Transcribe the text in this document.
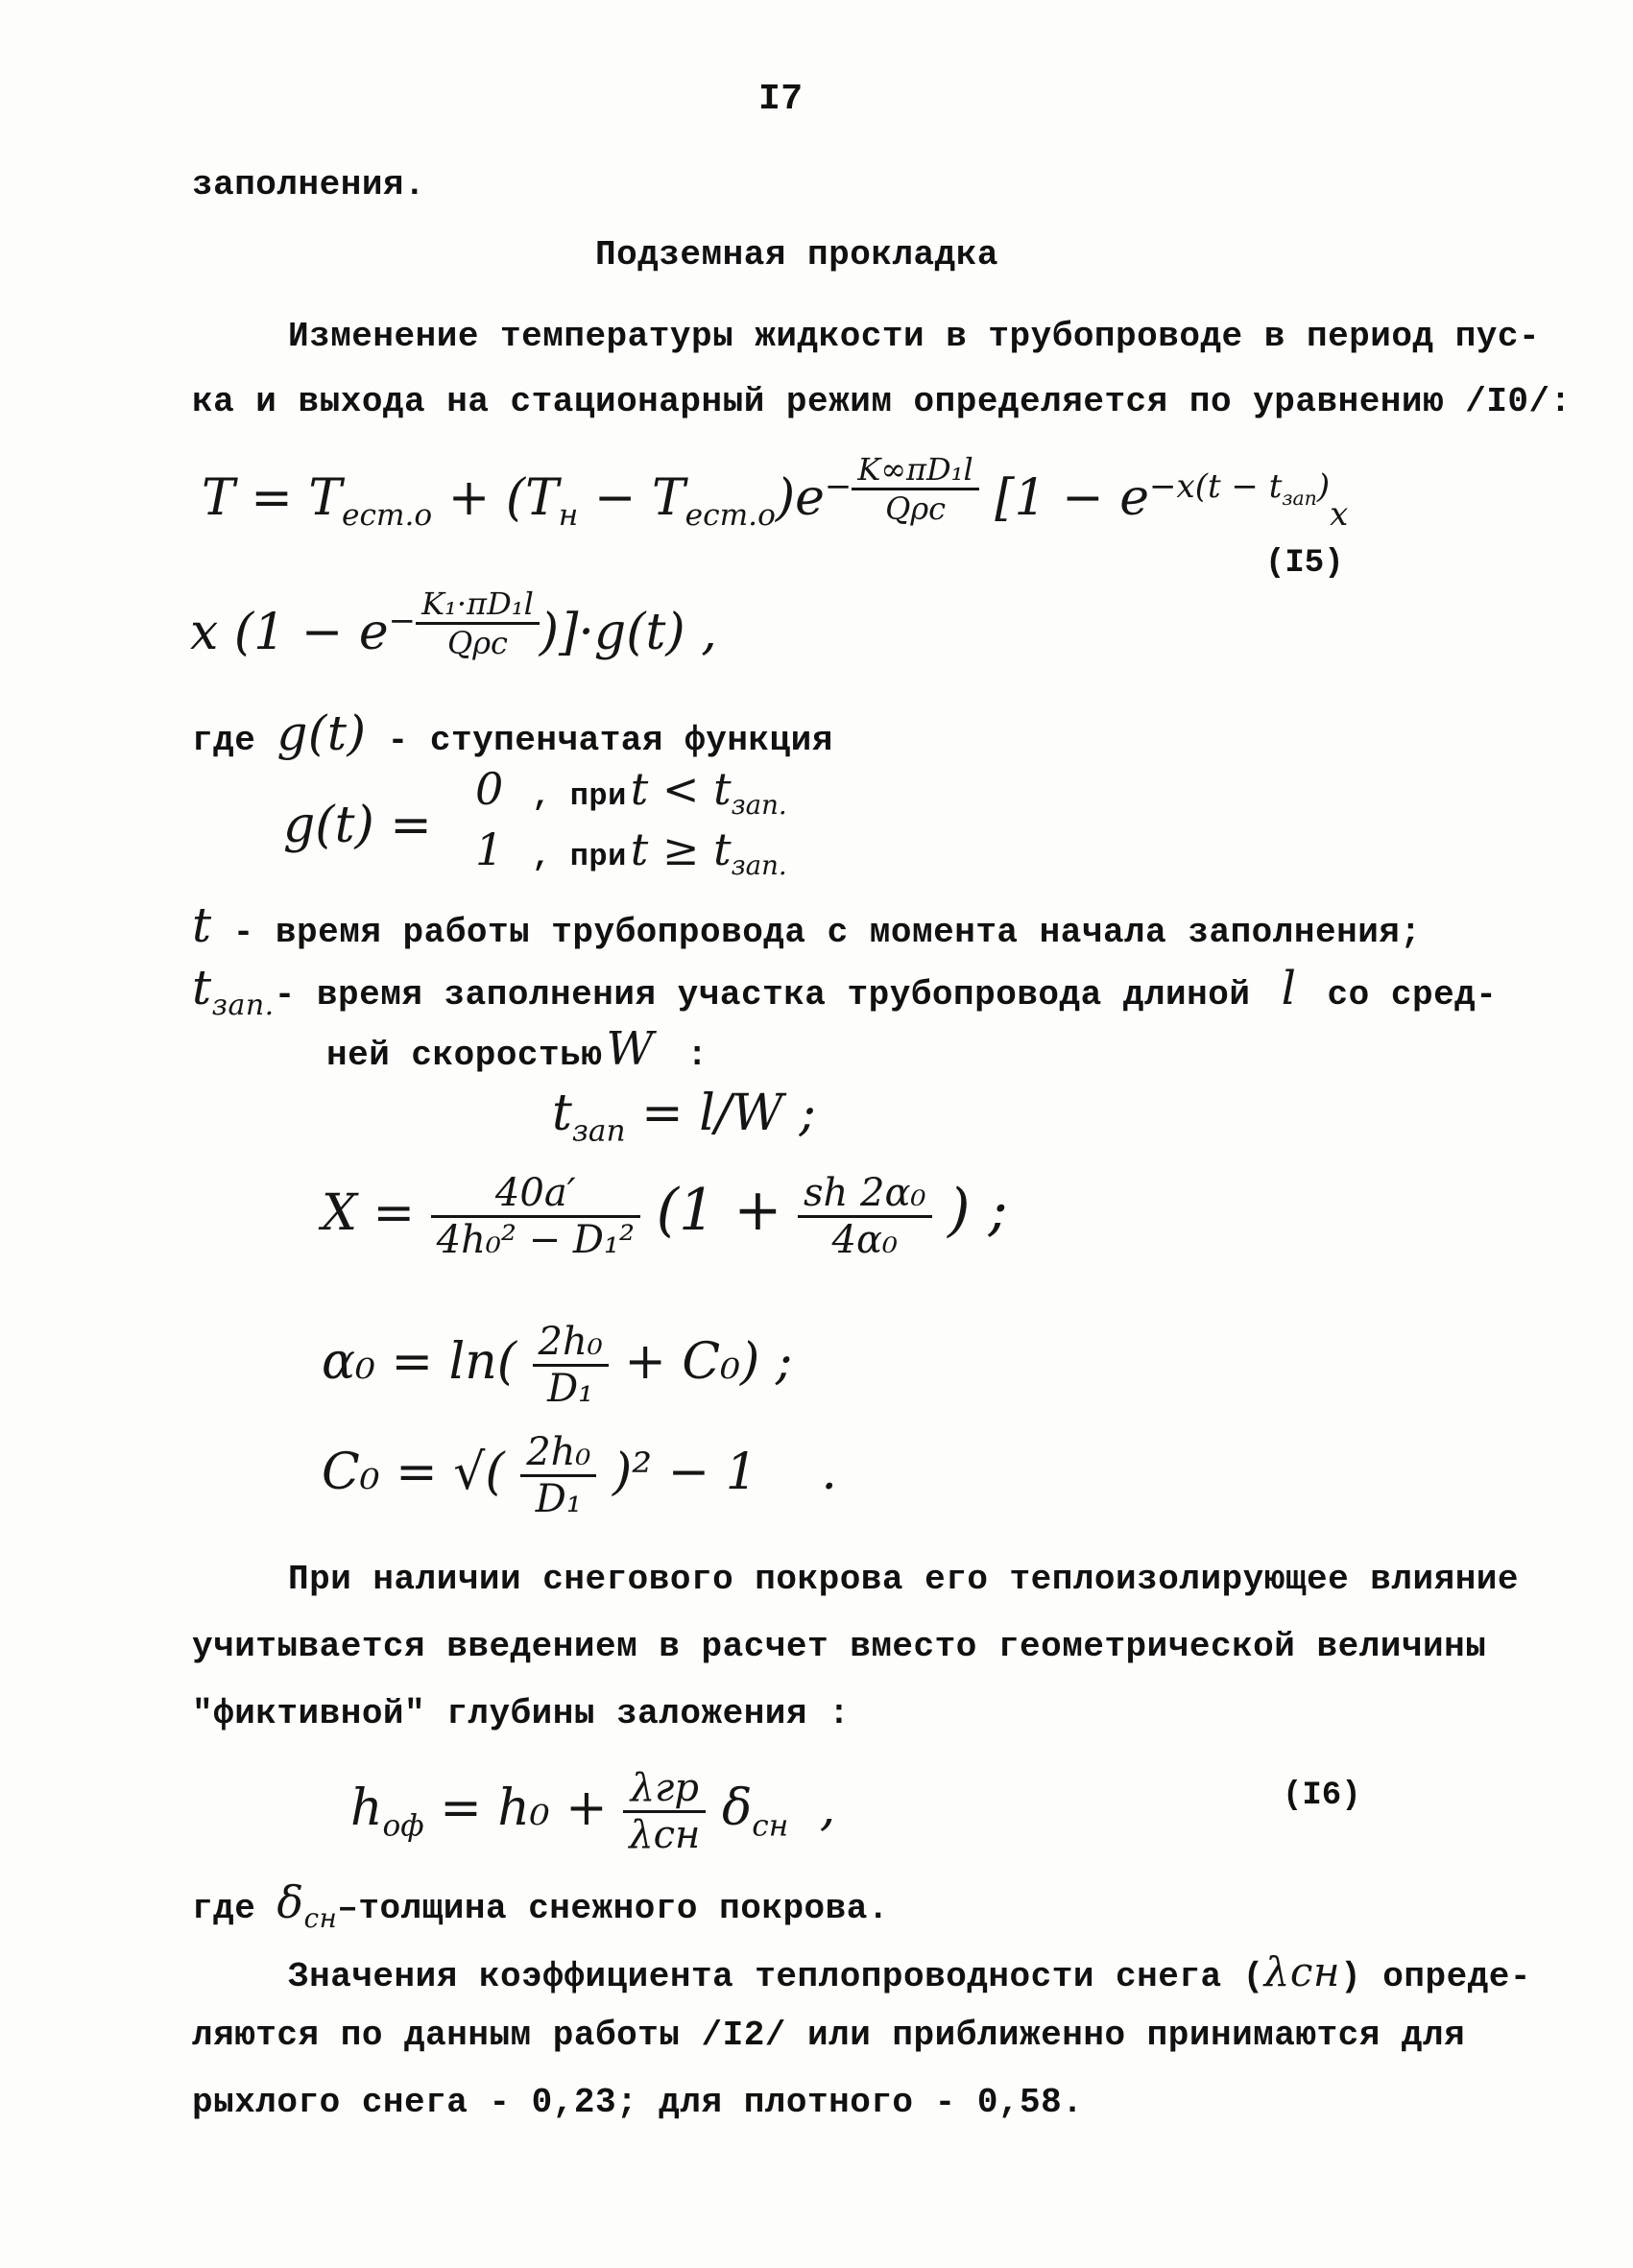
I7
заполнения.
Подземная прокладка
Изменение температуры жидкости в трубопроводе в период пус-
ка и выхода на стационарный режим определяется по уравнению /I0/:
$T = T_{ест.о} + (T_н - T_{ест.о})e^{- \frac{\text{K∞πD₁l}}{\text{Qρc}}}$ [$1 - e^{-x(t - t_{зап})}_x$
(I5)
x ($1 - e^{- \frac{\text{K₁·πD₁l}}{\text{Qρc}}}$ )]·g(t) ,
где g(t) - ступенчатая функция
g(t) =
0 , при $t < t_{зап.}$
1 , при $t \ge t_{зап.}$
t - время работы трубопровода с момента начала заполнения;
$t_{зап.}-$ время заполнения участка трубопровода длиной l со сред-
ней скоростьюW :
$t_{зап} = l/W$ ;
$X = \frac{40a'}{\text{4h₀² − D₁²}} (1 + \frac{\text{sh 2α₀}}{\text{4α₀}}$ ) ;
$\alpha_0 = \ln( \frac{\text{2h₀}}{\text{D₁}} + C_0)$ ;
C₀ = √( $\frac{\text{2h₀}}{\text{D₁}} )^2 - 1$ .
При наличии снегового покрова его теплоизолирующее влияние
учитывается введением в расчет вместо геометрической величины
"фиктивной" глубины заложения :
$h_{оф} = h_0 + \frac{\text{λгр}}{\text{λсн}} \delta_{сн}$ ,	(I6)
где $\delta_{сн}$–толщина снежного покрова.
Значения коэффициента теплопроводности снега (λсн) опреде-
ляются по данным работы /I2/ или приближенно принимаются для
рыхлого снега - 0,23; для плотного - 0,58.
